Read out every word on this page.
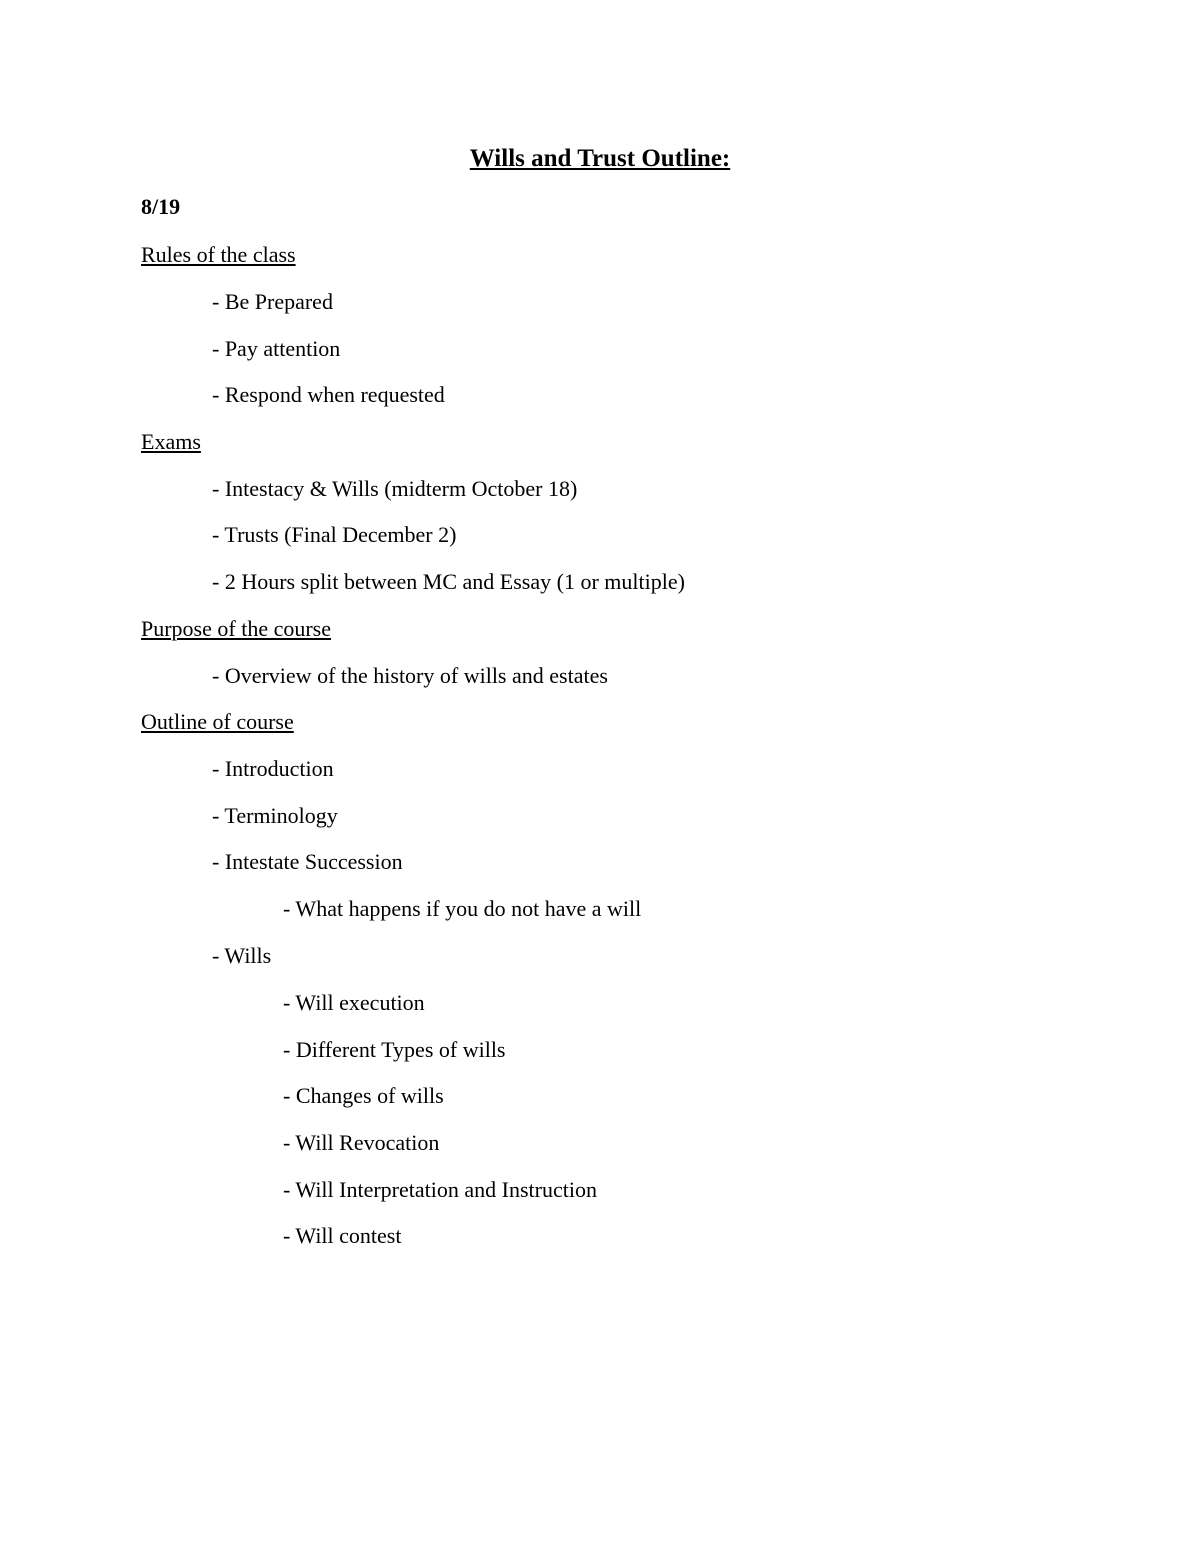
Wills and Trust Outline:
8/19
Rules of the class
- Be Prepared
- Pay attention
- Respond when requested
Exams
- Intestacy & Wills (midterm October 18)
- Trusts (Final December 2)
- 2 Hours split between MC and Essay (1 or multiple)
Purpose of the course
- Overview of the history of wills and estates
Outline of course
- Introduction
- Terminology
- Intestate Succession
- What happens if you do not have a will
- Wills
- Will execution
- Different Types of wills
- Changes of wills
- Will Revocation
- Will Interpretation and Instruction
- Will contest
